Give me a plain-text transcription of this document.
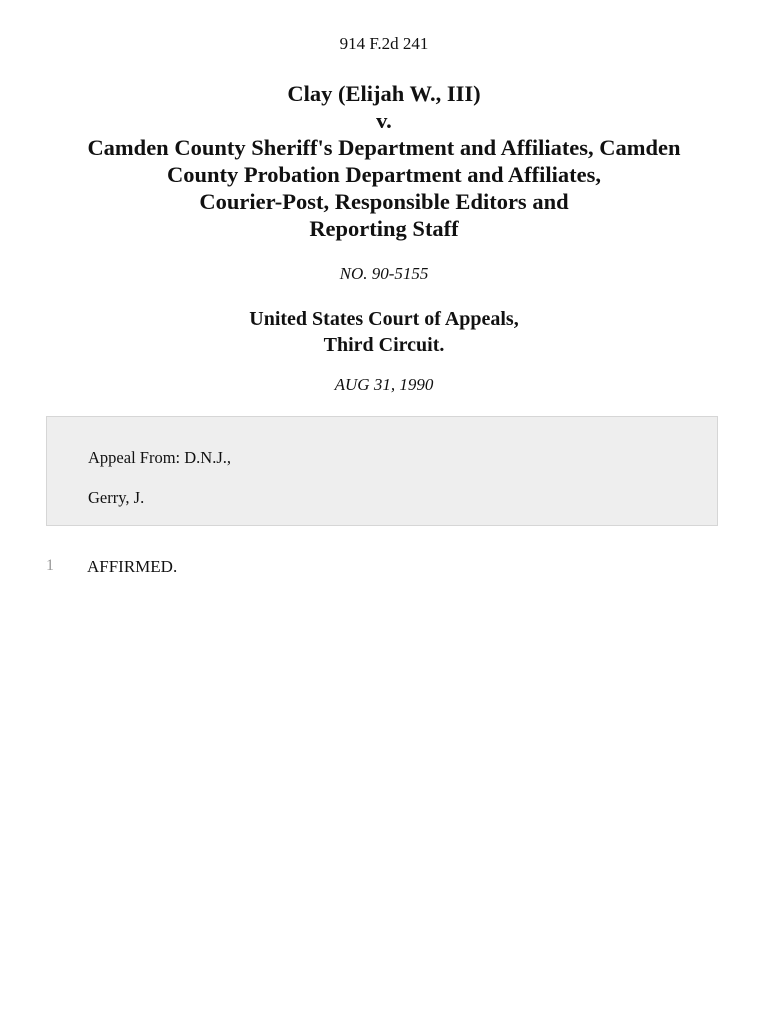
914 F.2d 241
Clay (Elijah W., III)
v.
Camden County Sheriff's Department and Affiliates, Camden
County Probation Department and Affiliates,
Courier-Post, Responsible Editors and
Reporting Staff
NO. 90-5155
United States Court of Appeals,
Third Circuit.
AUG 31, 1990
Appeal From: D.N.J.,
Gerry, J.
1 AFFIRMED.
